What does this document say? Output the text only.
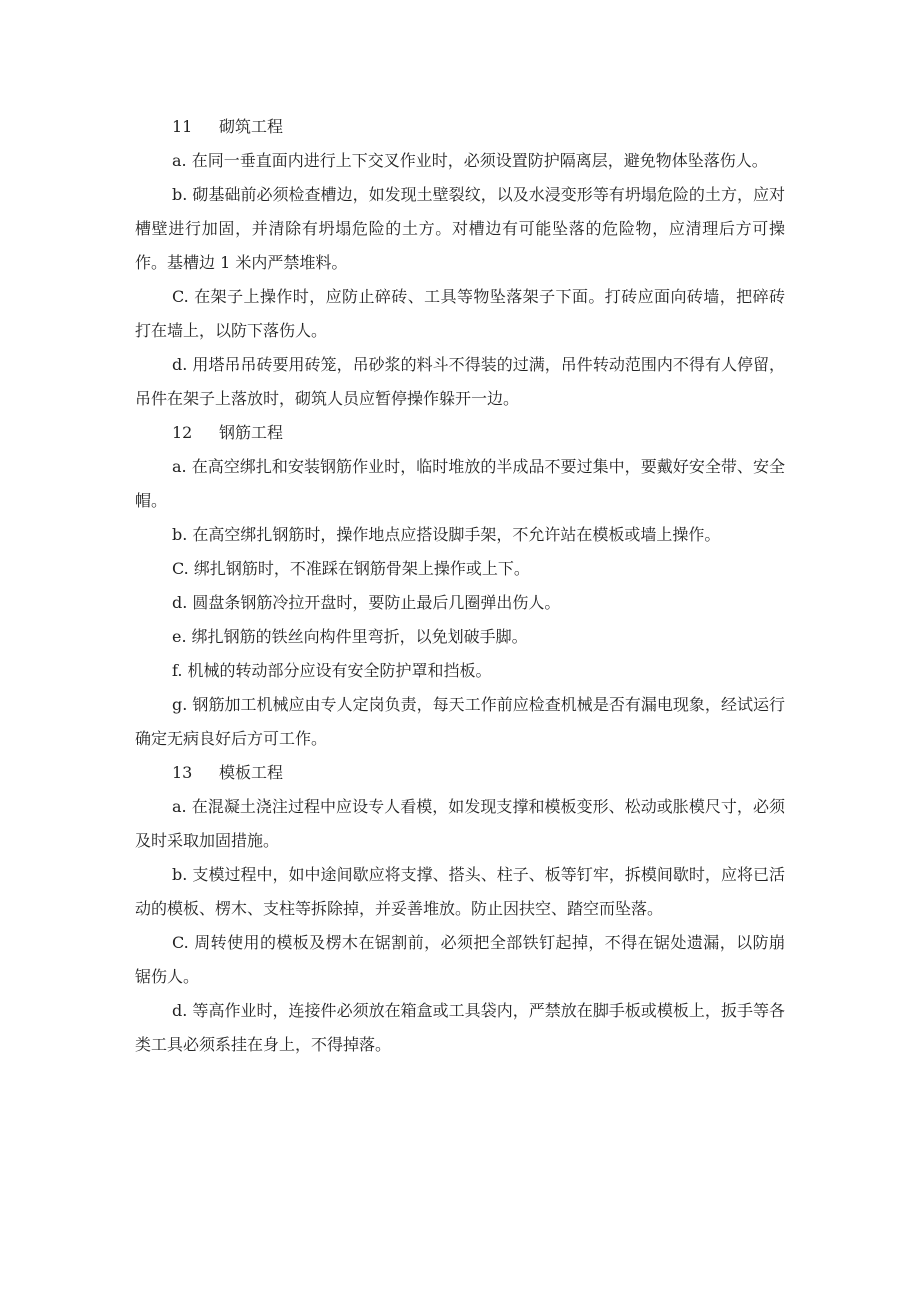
11 砌筑工程

a. 在同一垂直面内进行上下交叉作业时，必须设置防护隔离层，避免物体坠落伤人。

b. 砌基础前必须检查槽边，如发现土壁裂纹，以及水浸变形等有坍塌危险的土方，应对槽壁进行加固，并清除有坍塌危险的土方。对槽边有可能坠落的危险物，应清理后方可操作。基槽边 1 米内严禁堆料。

C. 在架子上操作时，应防止碎砖、工具等物坠落架子下面。打砖应面向砖墙，把碎砖打在墙上，以防下落伤人。

d. 用塔吊吊砖要用砖笼，吊砂浆的料斗不得装的过满，吊件转动范围内不得有人停留，吊件在架子上落放时，砌筑人员应暂停操作躲开一边。

12 钢筋工程

a. 在高空绑扎和安装钢筋作业时，临时堆放的半成品不要过集中，要戴好安全带、安全帽。

b. 在高空绑扎钢筋时，操作地点应搭设脚手架，不允许站在模板或墙上操作。

C. 绑扎钢筋时，不准踩在钢筋骨架上操作或上下。

d. 圆盘条钢筋冷拉开盘时，要防止最后几圈弹出伤人。

e. 绑扎钢筋的铁丝向构件里弯折，以免划破手脚。

f. 机械的转动部分应设有安全防护罩和挡板。

g. 钢筋加工机械应由专人定岗负责，每天工作前应检查机械是否有漏电现象，经试运行确定无病良好后方可工作。

13 模板工程

a. 在混凝土浇注过程中应设专人看模，如发现支撑和模板变形、松动或胀模尺寸，必须及时采取加固措施。

b. 支模过程中，如中途间歇应将支撑、搭头、柱子、板等钉牢，拆模间歇时，应将已活动的模板、楞木、支柱等拆除掉，并妥善堆放。防止因扶空、踏空而坠落。

C. 周转使用的模板及楞木在锯割前，必须把全部铁钉起掉，不得在锯处遗漏，以防崩锯伤人。

d. 等高作业时，连接件必须放在箱盒或工具袋内，严禁放在脚手板或模板上，扳手等各类工具必须系挂在身上，不得掉落。
